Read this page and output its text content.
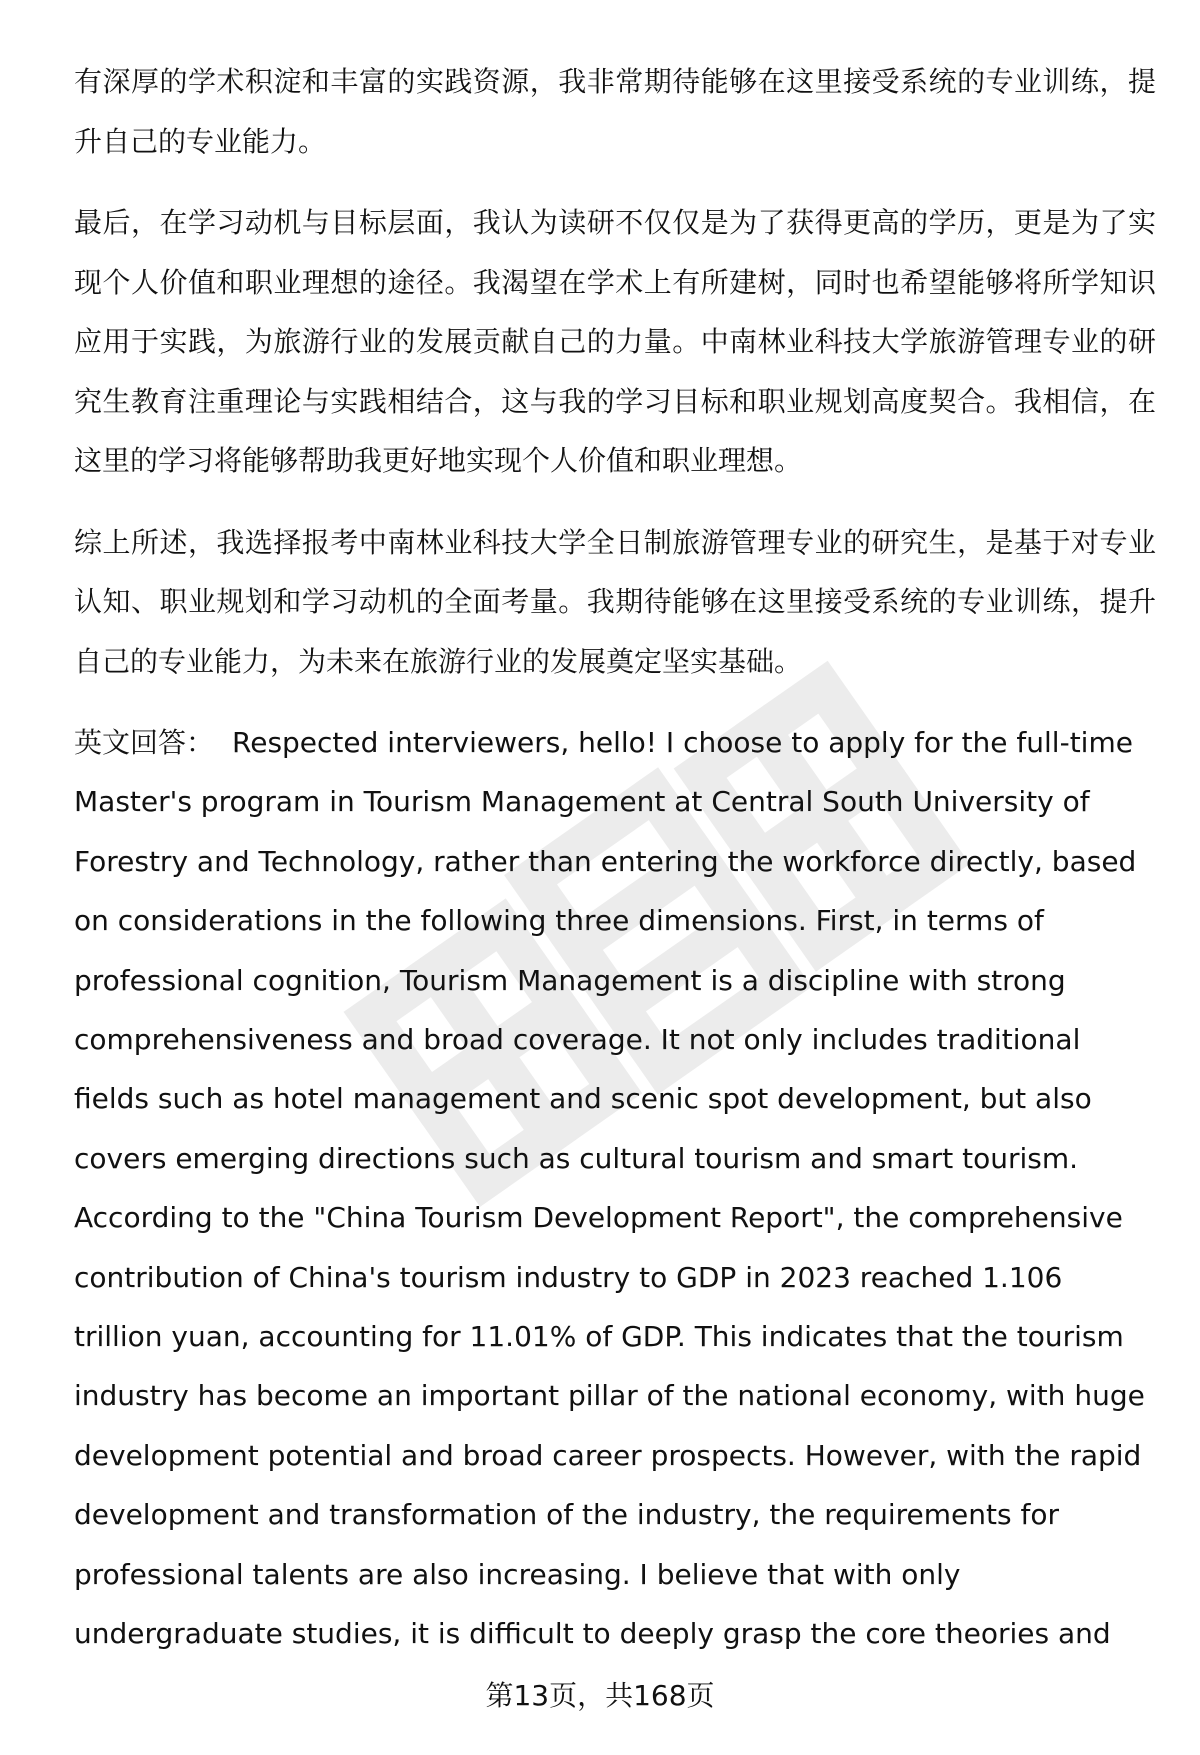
有深厚的学术积淀和丰富的实践资源，我非常期待能够在这里接受系统的专业训练，提升自己的专业能力。

最后，在学习动机与目标层面，我认为读研不仅仅是为了获得更高的学历，更是为了实现个人价值和职业理想的途径。我渴望在学术上有所建树，同时也希望能够将所学知识应用于实践，为旅游行业的发展贡献自己的力量。中南林业科技大学旅游管理专业的研究生教育注重理论与实践相结合，这与我的学习目标和职业规划高度契合。我相信，在这里的学习将能够帮助我更好地实现个人价值和职业理想。

综上所述，我选择报考中南林业科技大学全日制旅游管理专业的研究生，是基于对专业认知、职业规划和学习动机的全面考量。我期待能够在这里接受系统的专业训练，提升自己的专业能力，为未来在旅游行业的发展奠定坚实基础。

英文回答： Respected interviewers, hello! I choose to apply for the full-time Master's program in Tourism Management at Central South University of Forestry and Technology, rather than entering the workforce directly, based on considerations in the following three dimensions. First, in terms of professional cognition, Tourism Management is a discipline with strong comprehensiveness and broad coverage. It not only includes traditional fields such as hotel management and scenic spot development, but also covers emerging directions such as cultural tourism and smart tourism. According to the "China Tourism Development Report", the comprehensive contribution of China's tourism industry to GDP in 2023 reached 1.106 trillion yuan, accounting for 11.01% of GDP. This indicates that the tourism industry has become an important pillar of the national economy, with huge development potential and broad career prospects. However, with the rapid development and transformation of the industry, the requirements for professional talents are also increasing. I believe that with only undergraduate studies, it is difficult to deeply grasp the core theories and

第13页，共168页
